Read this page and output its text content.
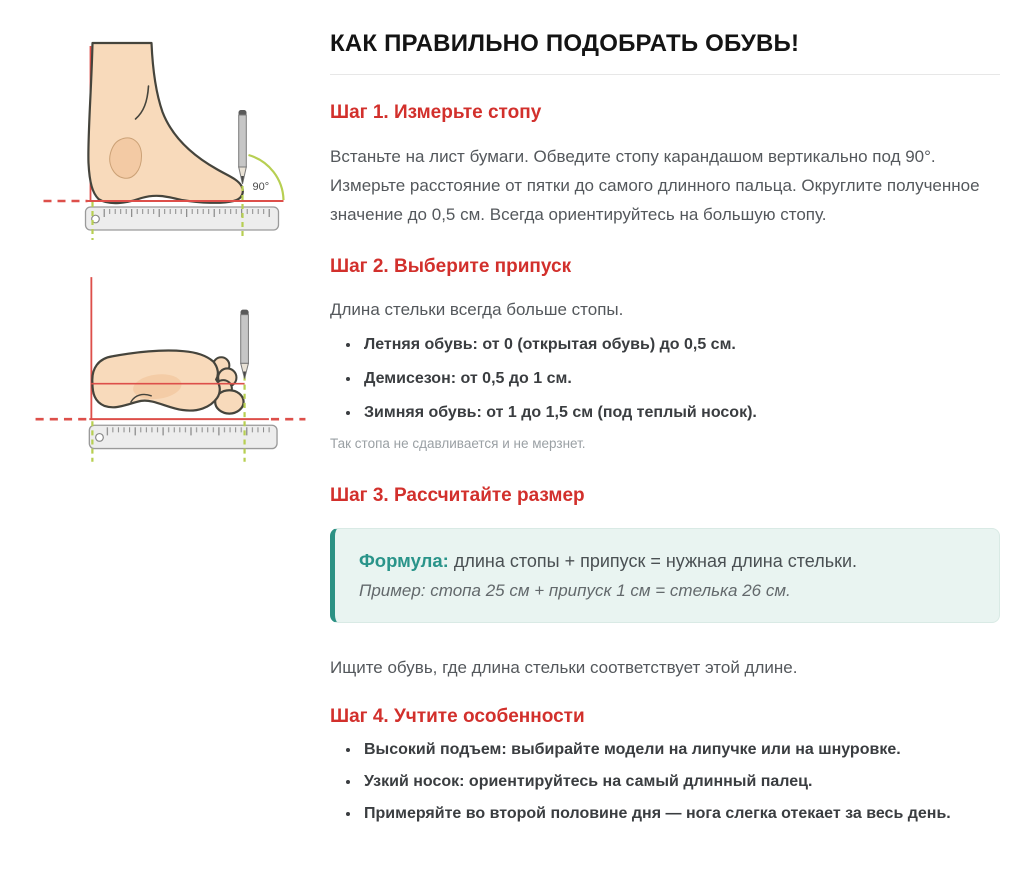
90°
КАК ПРАВИЛЬНО ПОДОБРАТЬ ОБУВЬ!
Шаг 1. Измерьте стопу

Встаньте на лист бумаги. Обведите стопу карандашом вертикально под 90°. Измерьте расстояние от пятки до самого длинного пальца. Округлите полученное значение до 0,5 см. Всегда ориентируйтесь на большую стопу.

Шаг 2. Выберите припуск

Длина стельки всегда больше стопы.

• Летняя обувь: от 0 (открытая обувь) до 0,5 см.
• Демисезон: от 0,5 до 1 см.
• Зимняя обувь: от 1 до 1,5 см (под теплый носок).

Так стопа не сдавливается и не мерзнет.

Шаг 3. Рассчитайте размер
Формула: длина стопы + припуск = нужная длина стельки.
Пример: стопа 25 см + припуск 1 см = стелька 26 см.

Ищите обувь, где длина стельки соответствует этой длине.

Шаг 4. Учтите особенности
• Высокий подъем: выбирайте модели на липучке или на шнуровке.
• Узкий носок: ориентируйтесь на самый длинный палец.
• Примеряйте во второй половине дня — нога слегка отекает за весь день.
